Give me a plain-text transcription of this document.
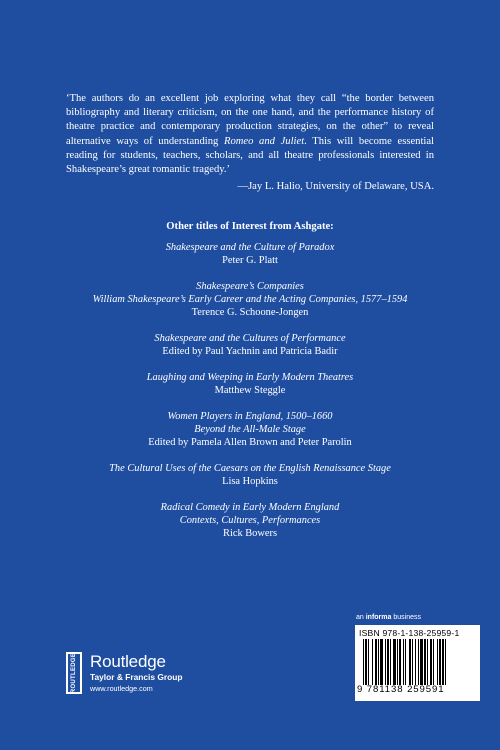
‘The authors do an excellent job exploring what they call “the border between bibliography and literary criticism, on the one hand, and the performance history of theatre practice and contemporary production strategies, on the other” to reveal alternative ways of understanding Romeo and Juliet. This will become essential reading for students, teachers, scholars, and all theatre professionals interested in Shakespeare’s great romantic tragedy.’

—Jay L. Halio, University of Delaware, USA.
Other titles of Interest from Ashgate:
Shakespeare and the Culture of Paradox
Peter G. Platt
Shakespeare’s Companies
William Shakespeare’s Early Career and the Acting Companies, 1577–1594
Terence G. Schoone-Jongen
Shakespeare and the Cultures of Performance
Edited by Paul Yachnin and Patricia Badir
Laughing and Weeping in Early Modern Theatres
Matthew Steggle
Women Players in England, 1500–1660
Beyond the All-Male Stage
Edited by Pamela Allen Brown and Peter Parolin
The Cultural Uses of the Caesars on the English Renaissance Stage
Lisa Hopkins
Radical Comedy in Early Modern England
Contexts, Cultures, Performances
Rick Bowers
ROUTLEDGE Routledge
Taylor & Francis Group
www.routledge.com
an informa business
ISBN 978-1-138-25959-1
9 781138 259591
